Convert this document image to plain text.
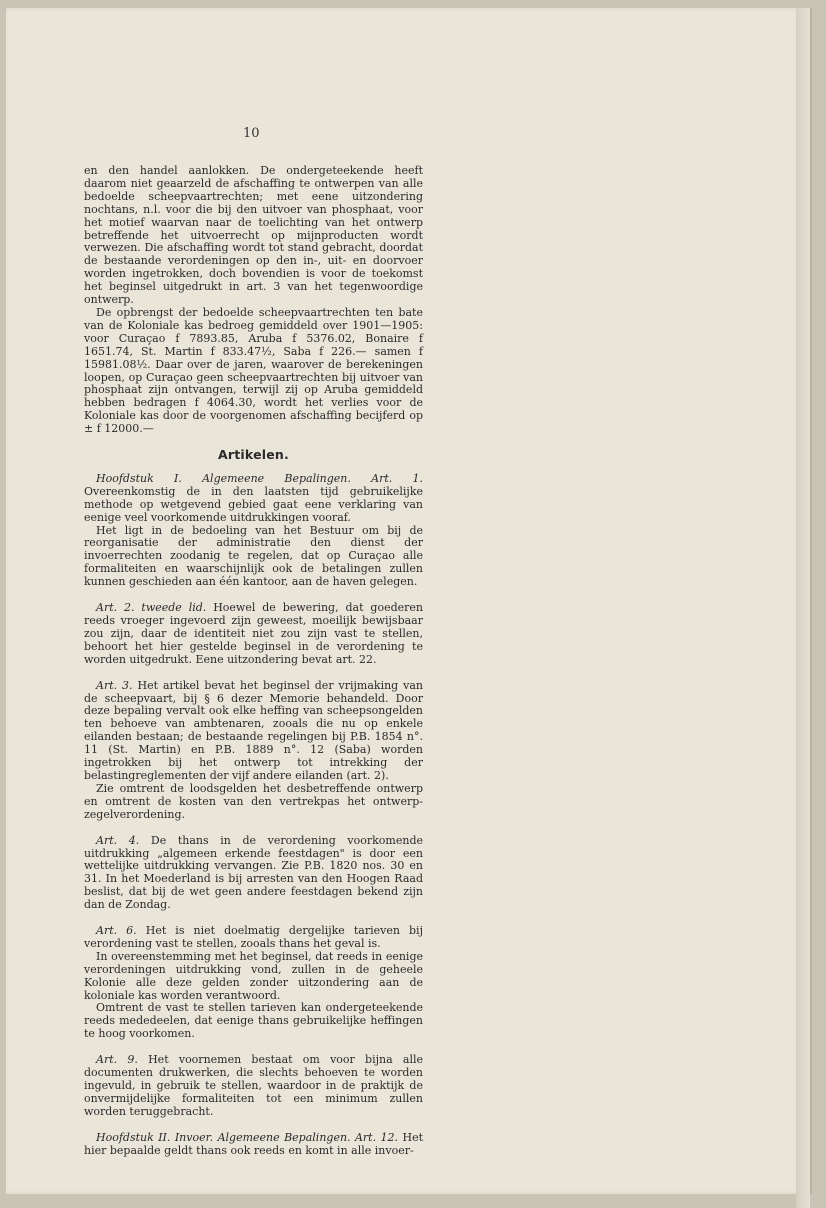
10

en den handel aanlokken. De ondergeteekende heeft daarom niet geaarzeld de afschaffing te ontwerpen van alle bedoelde scheepvaartrechten; met eene uitzondering nochtans, n.l. voor die bij den uitvoer van phosphaat, voor het motief waarvan naar de toelichting van het ontwerp betreffende het uitvoerrecht op mijnproducten wordt verwezen. Die afschaffing wordt tot stand gebracht, doordat de bestaande verordeningen op den in-, uit- en doorvoer worden ingetrokken, doch bovendien is voor de toekomst het beginsel uitgedrukt in art. 3 van het tegenwoordige ontwerp.

De opbrengst der bedoelde scheepvaartrechten ten bate van de Koloniale kas bedroeg gemiddeld over 1901—1905: voor Curaçao f 7893.85, Aruba f 5376.02, Bonaire f 1651.74, St. Martin f 833.47½, Saba f 226.— samen f 15981.08½. Daar over de jaren, waarover de berekeningen loopen, op Curaçao geen scheepvaartrechten bij uitvoer van phosphaat zijn ontvangen, terwijl zij op Aruba gemiddeld hebben bedragen f 4064.30, wordt het verlies voor de Koloniale kas door de voorgenomen afschaffing becijferd op ± f 12000.—

Artikelen.

Hoofdstuk I. Algemeene Bepalingen. Art. 1. Overeenkomstig de in den laatsten tijd gebruikelijke methode op wetgevend gebied gaat eene verklaring van eenige veel voorkomende uitdrukkingen vooraf.

Het ligt in de bedoeling van het Bestuur om bij de reorganisatie der administratie den dienst der invoerrechten zoodanig te regelen, dat op Curaçao alle formaliteiten en waarschijnlijk ook de betalingen zullen kunnen geschieden aan één kantoor, aan de haven gelegen.

Art. 2. tweede lid. Hoewel de bewering, dat goederen reeds vroeger ingevoerd zijn geweest, moeilijk bewijsbaar zou zijn, daar de identiteit niet zou zijn vast te stellen, behoort het hier gestelde beginsel in de verordening te worden uitgedrukt. Eene uitzondering bevat art. 22.

Art. 3. Het artikel bevat het beginsel der vrijmaking van de scheepvaart, bij § 6 dezer Memorie behandeld. Door deze bepaling vervalt ook elke heffing van scheepsongelden ten behoeve van ambtenaren, zooals die nu op enkele eilanden bestaan; de bestaande regelingen bij P.B. 1854 n°. 11 (St. Martin) en P.B. 1889 n°. 12 (Saba) worden ingetrokken bij het ontwerp tot intrekking der belastingreglementen der vijf andere eilanden (art. 2).

Zie omtrent de loodsgelden het desbetreffende ontwerp en omtrent de kosten van den vertrekpas het ontwerp-zegelverordening.

Art. 4. De thans in de verordening voorkomende uitdrukking „algemeen erkende feestdagen" is door een wettelijke uitdrukking vervangen. Zie P.B. 1820 nos. 30 en 31. In het Moederland is bij arresten van den Hoogen Raad beslist, dat bij de wet geen andere feestdagen bekend zijn dan de Zondag.

Art. 6. Het is niet doelmatig dergelijke tarieven bij verordening vast te stellen, zooals thans het geval is.

In overeenstemming met het beginsel, dat reeds in eenige verordeningen uitdrukking vond, zullen in de geheele Kolonie alle deze gelden zonder uitzondering aan de koloniale kas worden verantwoord.

Omtrent de vast te stellen tarieven kan ondergeteekende reeds mededeelen, dat eenige thans gebruikelijke heffingen te hoog voorkomen.

Art. 9. Het voornemen bestaat om voor bijna alle documenten drukwerken, die slechts behoeven te worden ingevuld, in gebruik te stellen, waardoor in de praktijk de onvermijdelijke formaliteiten tot een minimum zullen worden teruggebracht.

Hoofdstuk II. Invoer. Algemeene Bepalingen. Art. 12. Het hier bepaalde geldt thans ook reeds en komt in alle invoer-
